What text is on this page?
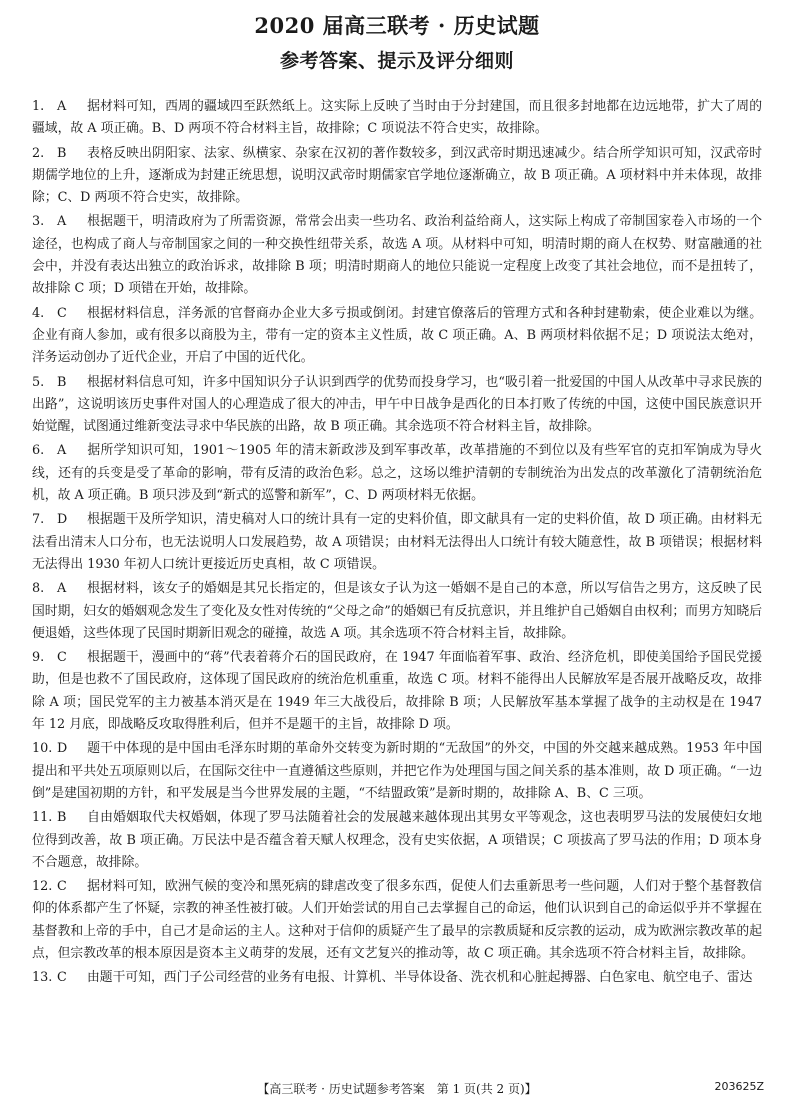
2020 届高三联考 · 历史试题
参考答案、提示及评分细则
1. A 据材料可知，西周的疆域四至跃然纸上。这实际上反映了当时由于分封建国，而且很多封地都在边远地带，扩大了周的疆域，故 A 项正确。B、D 两项不符合材料主旨，故排除；C 项说法不符合史实，故排除。
2. B 表格反映出阴阳家、法家、纵横家、杂家在汉初的著作数较多，到汉武帝时期迅速减少。结合所学知识可知，汉武帝时期儒学地位的上升，逐渐成为封建正统思想，说明汉武帝时期儒家官学地位逐渐确立，故 B 项正确。A 项材料中并未体现，故排除；C、D 两项不符合史实，故排除。
3. A 根据题干，明清政府为了所需资源，常常会出卖一些功名、政治利益给商人，这实际上构成了帝制国家卷入市场的一个途径，也构成了商人与帝制国家之间的一种交换性纽带关系，故选 A 项。从材料中可知，明清时期的商人在权势、财富融通的社会中，并没有表达出独立的政治诉求，故排除 B 项；明清时期商人的地位只能说一定程度上改变了其社会地位，而不是扭转了，故排除 C 项；D 项错在开始，故排除。
4. C 根据材料信息，洋务派的官督商办企业大多亏损或倒闭。封建官僚落后的管理方式和各种封建勒索，使企业难以为继。企业有商人参加，或有很多以商股为主，带有一定的资本主义性质，故 C 项正确。A、B 两项材料依据不足；D 项说法太绝对，洋务运动创办了近代企业，开启了中国的近代化。
5. B 根据材料信息可知，许多中国知识分子认识到西学的优势而投身学习，也“吸引着一批爱国的中国人从改革中寻求民族的出路”，这说明该历史事件对国人的心理造成了很大的冲击，甲午中日战争是西化的日本打败了传统的中国，这使中国民族意识开始觉醒，试图通过维新变法寻求中华民族的出路，故 B 项正确。其余选项不符合材料主旨，故排除。
6. A 据所学知识可知，1901～1905 年的清末新政涉及到军事改革，改革措施的不到位以及有些军官的克扣军饷成为导火线，还有的兵变是受了革命的影响，带有反清的政治色彩。总之，这场以维护清朝的专制统治为出发点的改革激化了清朝统治危机，故 A 项正确。B 项只涉及到“新式的巡警和新军”，C、D 两项材料无依据。
7. D 根据题干及所学知识，清史稿对人口的统计具有一定的史料价值，即文献具有一定的史料价值，故 D 项正确。由材料无法看出清末人口分布，也无法说明人口发展趋势，故 A 项错误；由材料无法得出人口统计有较大随意性，故 B 项错误；根据材料无法得出 1930 年初人口统计更接近历史真相，故 C 项错误。
8. A 根据材料，该女子的婚姻是其兄长指定的，但是该女子认为这一婚姻不是自己的本意，所以写信告之男方，这反映了民国时期，妇女的婚姻观念发生了变化及女性对传统的“父母之命”的婚姻已有反抗意识，并且维护自己婚姻自由权利；而男方知晓后便退婚，这些体现了民国时期新旧观念的碰撞，故选 A 项。其余选项不符合材料主旨，故排除。
9. C 根据题干，漫画中的“蒋”代表着蒋介石的国民政府，在 1947 年面临着军事、政治、经济危机，即使美国给予国民党援助，但是也救不了国民政府，这体现了国民政府的统治危机重重，故选 C 项。材料不能得出人民解放军是否展开战略反攻，故排除 A 项；国民党军的主力被基本消灭是在 1949 年三大战役后，故排除 B 项；人民解放军基本掌握了战争的主动权是在 1947 年 12 月底，即战略反攻取得胜利后，但并不是题干的主旨，故排除 D 项。
10. D 题干中体现的是中国由毛泽东时期的革命外交转变为新时期的“无敌国”的外交，中国的外交越来越成熟。1953 年中国提出和平共处五项原则以后，在国际交往中一直遵循这些原则，并把它作为处理国与国之间关系的基本准则，故 D 项正确。“一边倒”是建国初期的方针，和平发展是当今世界发展的主题，“不结盟政策”是新时期的，故排除 A、B、C 三项。
11. B 自由婚姻取代夫权婚姻，体现了罗马法随着社会的发展越来越体现出其男女平等观念，这也表明罗马法的发展使妇女地位得到改善，故 B 项正确。万民法中是否蕴含着天赋人权理念，没有史实依据，A 项错误；C 项拔高了罗马法的作用；D 项本身不合题意，故排除。
12. C 据材料可知，欧洲气候的变冷和黑死病的肆虐改变了很多东西，促使人们去重新思考一些问题，人们对于整个基督教信仰的体系都产生了怀疑，宗教的神圣性被打破。人们开始尝试的用自己去掌握自己的命运，他们认识到自己的命运似乎并不掌握在基督教和上帝的手中，自己才是命运的主人。这种对于信仰的质疑产生了最早的宗教质疑和反宗教的运动，成为欧洲宗教改革的起点，但宗教改革的根本原因是资本主义萌芽的发展，还有文艺复兴的推动等，故 C 项正确。其余选项不符合材料主旨，故排除。
13. C 由题干可知，西门子公司经营的业务有电报、计算机、半导体设备、洗衣机和心脏起搏器、白色家电、航空电子、雷达
【高三联考 · 历史试题参考答案　第 1 页(共 2 页)】	203625Z
